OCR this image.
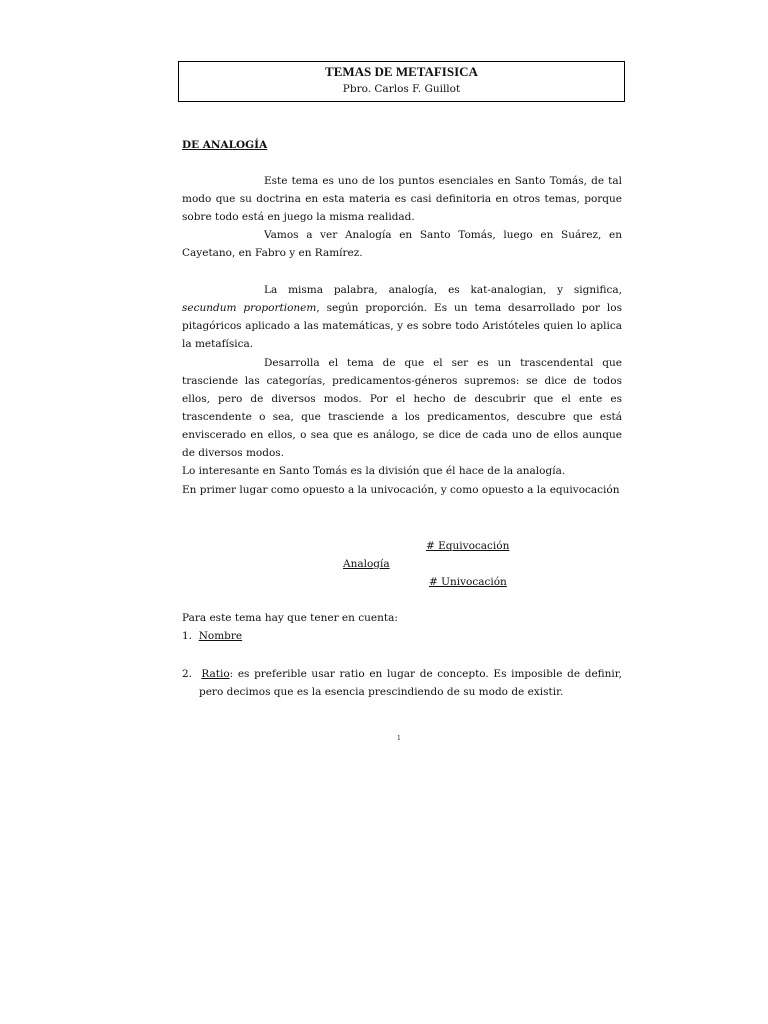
TEMAS DE METAFISICA
Pbro. Carlos F. Guillot
DE ANALOGÍA
Este tema es uno de los puntos esenciales en Santo Tomás, de tal modo que su doctrina en esta materia es casi definitoria en otros temas, porque sobre todo está en juego la misma realidad.
Vamos a ver Analogía en Santo Tomás, luego en Suárez, en Cayetano, en Fabro y en Ramírez.
La misma palabra, analogía, es kat-analogian, y significa, secundum proportionem, según proporción. Es un tema desarrollado por los pitagóricos aplicado a las matemáticas, y es sobre todo Aristóteles quien lo aplica la metafísica.
Desarrolla el tema de que el ser es un trascendental que trasciende las categorías, predicamentos-géneros supremos: se dice de todos ellos, pero de diversos modos. Por el hecho de descubrir que el ente es trascendente o sea, que trasciende a los predicamentos, descubre que está enviscerado en ellos, o sea que es análogo, se dice de cada uno de ellos aunque de diversos modos.
Lo interesante en Santo Tomás es la división que él hace de la analogía.
En primer lugar como opuesto a la univocación, y como opuesto a la equivocación
# Equivocación
Analogía
# Univocación
Para este tema hay que tener en cuenta:
1. Nombre
2. Ratio: es preferible usar ratio en lugar de concepto. Es imposible de definir, pero decimos que es la esencia prescindiendo de su modo de existir.
1
